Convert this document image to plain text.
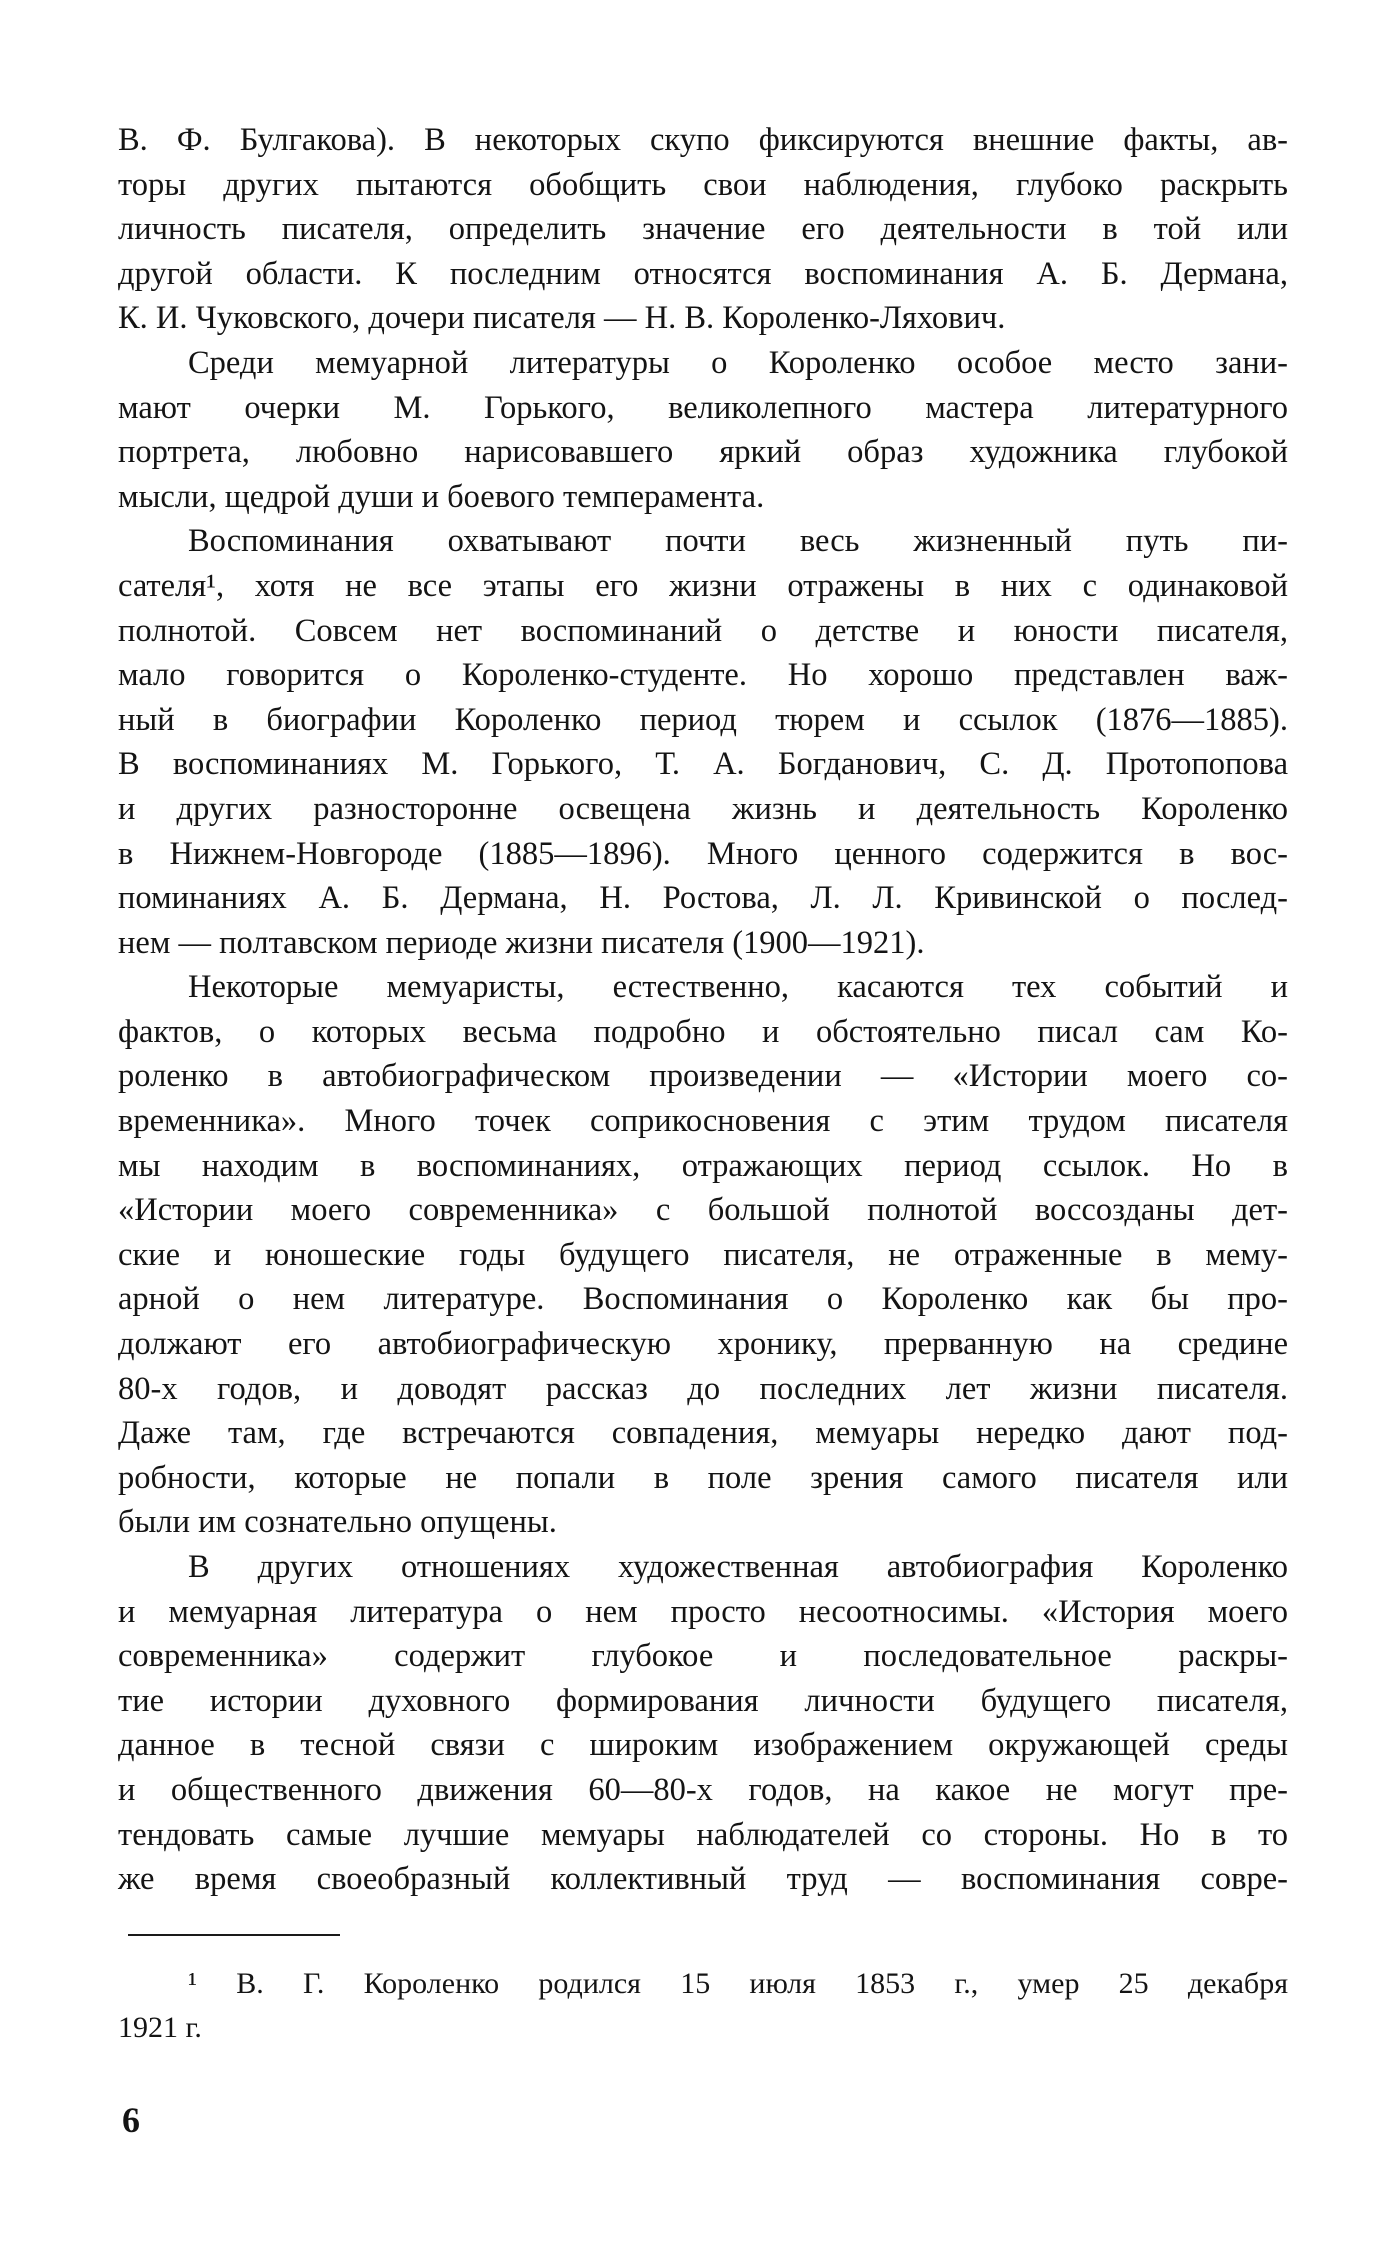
В. Ф. Булгакова). В некоторых скупо фиксируются внешние факты, ав-
торы других пытаются обобщить свои наблюдения, глубоко раскрыть
личность писателя, определить значение его деятельности в той или
другой области. К последним относятся воспоминания А. Б. Дермана,
К. И. Чуковского, дочери писателя — Н. В. Короленко-Ляхович.
Среди мемуарной литературы о Короленко особое место зани-
мают очерки М. Горького, великолепного мастера литературного
портрета, любовно нарисовавшего яркий образ художника глубокой
мысли, щедрой души и боевого темперамента.
Воспоминания охватывают почти весь жизненный путь пи-
сателя¹, хотя не все этапы его жизни отражены в них с одинаковой
полнотой. Совсем нет воспоминаний о детстве и юности писателя,
мало говорится о Короленко-студенте. Но хорошо представлен важ-
ный в биографии Короленко период тюрем и ссылок (1876—1885).
В воспоминаниях М. Горького, Т. А. Богданович, С. Д. Протопопова
и других разносторонне освещена жизнь и деятельность Короленко
в Нижнем-Новгороде (1885—1896). Много ценного содержится в вос-
поминаниях А. Б. Дермана, Н. Ростова, Л. Л. Кривинской о послед-
нем — полтавском периоде жизни писателя (1900—1921).
Некоторые мемуаристы, естественно, касаются тех событий и
фактов, о которых весьма подробно и обстоятельно писал сам Ко-
роленко в автобиографическом произведении — «Истории моего со-
временника». Много точек соприкосновения с этим трудом писателя
мы находим в воспоминаниях, отражающих период ссылок. Но в
«Истории моего современника» с большой полнотой воссозданы дет-
ские и юношеские годы будущего писателя, не отраженные в мему-
арной о нем литературе. Воспоминания о Короленко как бы про-
должают его автобиографическую хронику, прерванную на средине
80-х годов, и доводят рассказ до последних лет жизни писателя.
Даже там, где встречаются совпадения, мемуары нередко дают под-
робности, которые не попали в поле зрения самого писателя или
были им сознательно опущены.
В других отношениях художественная автобиография Короленко
и мемуарная литература о нем просто несоотносимы. «История моего
современника» содержит глубокое и последовательное раскры-
тие истории духовного формирования личности будущего писателя,
данное в тесной связи с широким изображением окружающей среды
и общественного движения 60—80-х годов, на какое не могут пре-
тендовать самые лучшие мемуары наблюдателей со стороны. Но в то
же время своеобразный коллективный труд — воспоминания совре-
¹ В. Г. Короленко родился 15 июля 1853 г., умер 25 декабря
1921 г.
6
